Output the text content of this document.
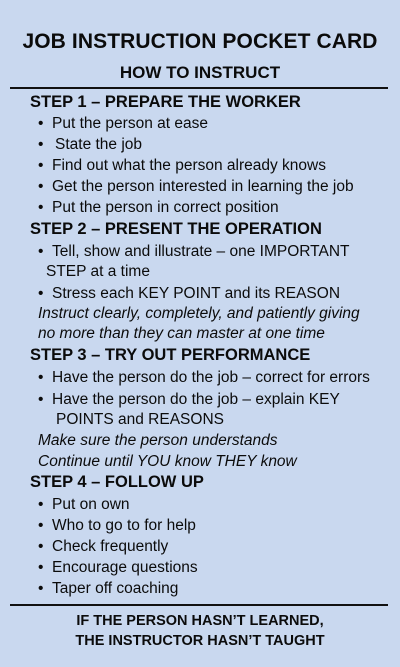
JOB INSTRUCTION POCKET CARD
HOW TO INSTRUCT
STEP 1 – PREPARE THE WORKER
• Put the person at ease
• State the job
• Find out what the person already knows
• Get the person interested in learning the job
• Put the person in correct position
STEP 2 – PRESENT THE OPERATION
• Tell, show and illustrate – one IMPORTANT
STEP at a time
• Stress each KEY POINT and its REASON
Instruct clearly, completely, and patiently giving
no more than they can master at one time
STEP 3 – TRY OUT PERFORMANCE
• Have the person do the job – correct for errors
• Have the person do the job – explain KEY
POINTS and REASONS
Make sure the person understands
Continue until YOU know THEY know
STEP 4 – FOLLOW UP
• Put on own
• Who to go to for help
• Check frequently
• Encourage questions
• Taper off coaching
IF THE PERSON HASN’T LEARNED,
THE INSTRUCTOR HASN’T TAUGHT
